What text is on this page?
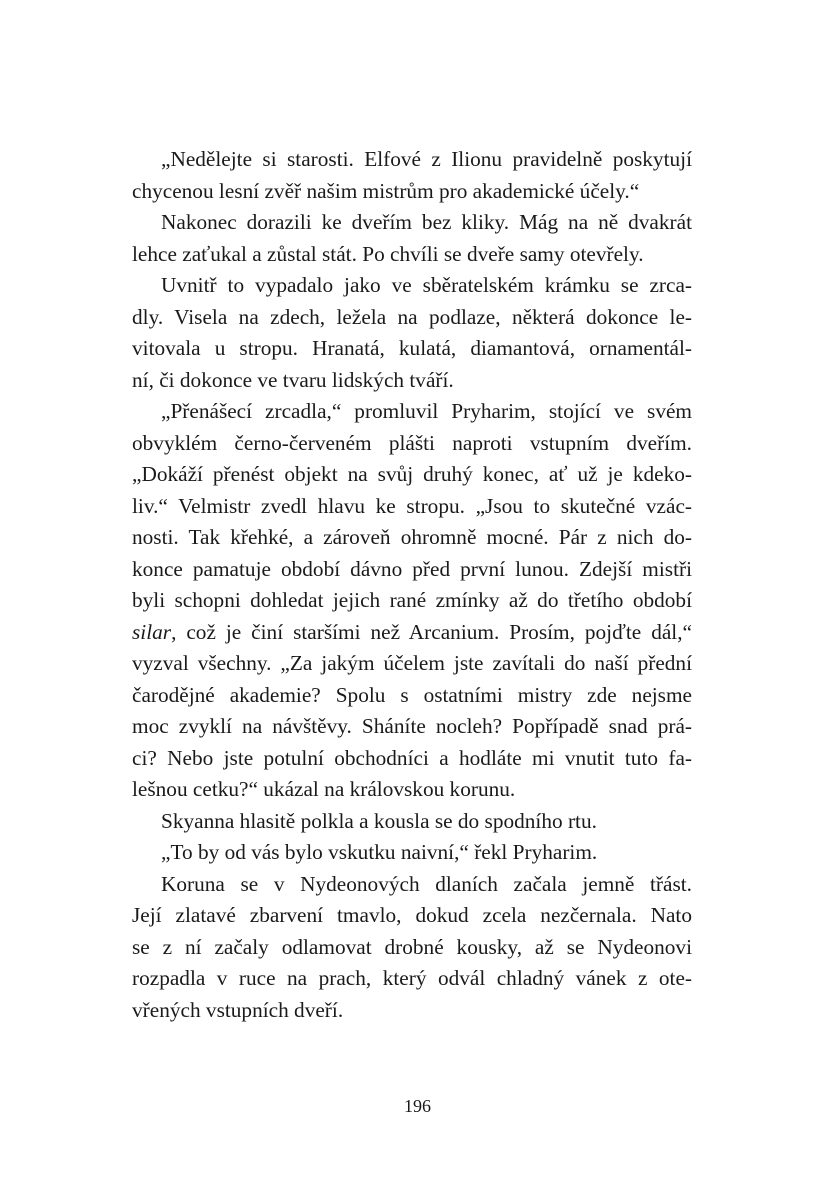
„Nedělejte si starosti. Elfové z Ilionu pravidelně poskytují
chycenou lesní zvěř našim mistrům pro akademické účely.“
Nakonec dorazili ke dveřím bez kliky. Mág na ně dvakrát
lehce zaťukal a zůstal stát. Po chvíli se dveře samy otevřely.
Uvnitř to vypadalo jako ve sběratelském krámku se zrca-
dly. Visela na zdech, ležela na podlaze, některá dokonce le-
vitovala u stropu. Hranatá, kulatá, diamantová, ornamentál-
ní, či dokonce ve tvaru lidských tváří.
„Přenášecí zrcadla,“ promluvil Pryharim, stojící ve svém
obvyklém černo-červeném plášti naproti vstupním dveřím.
„Dokáží přenést objekt na svůj druhý konec, ať už je kdeko-
liv.“ Velmistr zvedl hlavu ke stropu. „Jsou to skutečné vzác-
nosti. Tak křehké, a zároveň ohromně mocné. Pár z nich do-
konce pamatuje období dávno před první lunou. Zdejší mistři
byli schopni dohledat jejich rané zmínky až do třetího období
silar, což je činí staršími než Arcanium. Prosím, pojďte dál,“
vyzval všechny. „Za jakým účelem jste zavítali do naší přední
čarodějné akademie? Spolu s ostatními mistry zde nejsme
moc zvyklí na návštěvy. Sháníte nocleh? Popřípadě snad prá-
ci? Nebo jste potulní obchodníci a hodláte mi vnutit tuto fa-
lešnou cetku?“ ukázal na královskou korunu.
Skyanna hlasitě polkla a kousla se do spodního rtu.
„To by od vás bylo vskutku naivní,“ řekl Pryharim.
Koruna se v Nydeonových dlaních začala jemně třást.
Její zlatavé zbarvení tmavlo, dokud zcela nezčernala. Nato
se z ní začaly odlamovat drobné kousky, až se Nydeonovi
rozpadla v ruce na prach, který odvál chladný vánek z ote-
vřených vstupních dveří.
196
